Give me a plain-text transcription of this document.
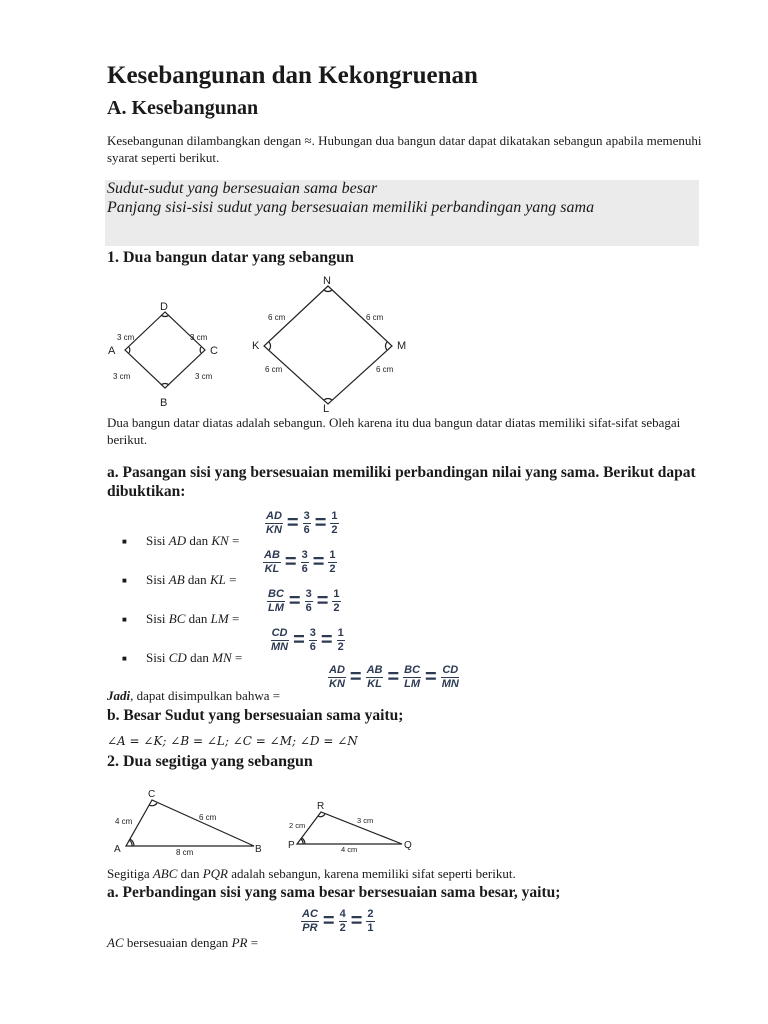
Kesebangunan dan Kekongruenan
A. Kesebangunan
Kesebangunan dilambangkan dengan ≈. Hubungan dua bangun datar dapat dikatakan sebangun apabila memenuhi syarat seperti berikut.
Sudut-sudut yang bersesuaian sama besar
Panjang sisi-sisi sudut yang bersesuaian memiliki perbandingan yang sama
1. Dua bangun datar yang sebangun
D
A	C
B
3 cm	3 cm
3 cm	3 cm
N
K	M
L
6 cm	6 cm
6 cm	6 cm
Dua bangun datar diatas adalah sebangun. Oleh karena itu dua bangun datar diatas memiliki sifat-sifat sebagai berikut.
a. Pasangan sisi yang bersesuaian memiliki perbandingan nilai yang sama. Berikut dapat dibuktikan:
■ Sisi AD dan KN =
$\frac{AD}{KN} = \frac{3}{6} = \frac{1}{2}$
■ Sisi AB dan KL =
$\frac{AB}{KL} = \frac{3}{6} = \frac{1}{2}$
■ Sisi BC dan LM =
$\frac{BC}{LM} = \frac{3}{6} = \frac{1}{2}$
■ Sisi CD dan MN =
$\frac{CD}{MN} = \frac{3}{6} = \frac{1}{2}$
Jadi, dapat disimpulkan bahwa =
$\frac{AD}{KN} = \frac{AB}{KL} = \frac{BC}{LM} = \frac{CD}{MN}$
b. Besar Sudut yang bersesuaian sama yaitu;
∠A = ∠K; ∠B = ∠L; ∠C = ∠M; ∠D = ∠N
2. Dua segitiga yang sebangun
C
A	B
4 cm	6 cm
8 cm
R
P	Q
2 cm
3 cm
4 cm
Segitiga ABC dan PQR adalah sebangun, karena memiliki sifat seperti berikut.
a. Perbandingan sisi yang sama besar bersesuaian sama besar, yaitu;
AC bersesuaian dengan PR =
$\frac{AC}{PR} = \frac{4}{2} = \frac{2}{1}$
